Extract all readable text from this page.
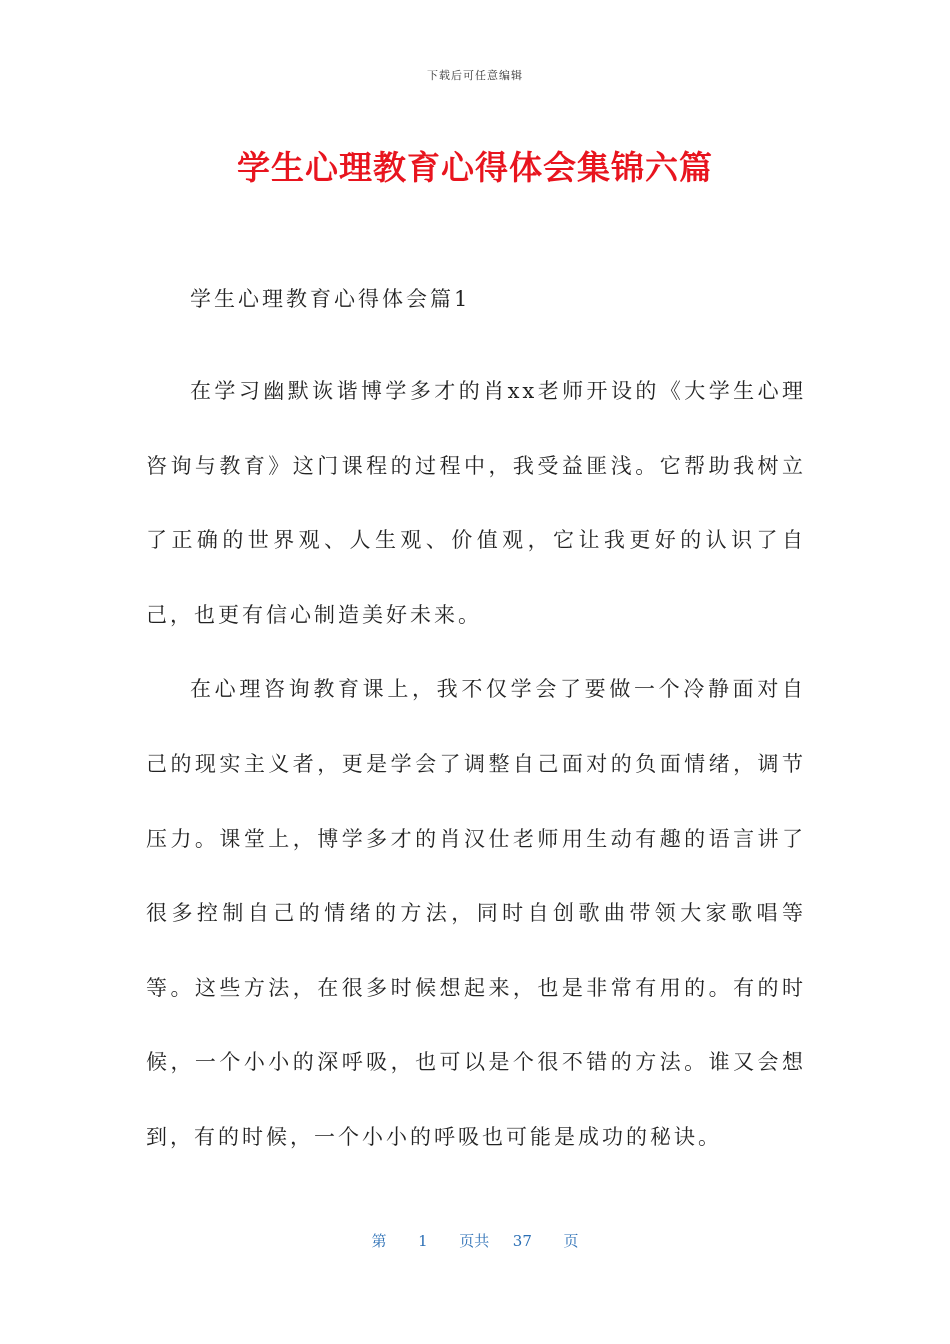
下载后可任意编辑
学生心理教育心得体会集锦六篇

学生心理教育心得体会篇1

在学习幽默诙谐博学多才的肖xx老师开设的《大学生心理咨询与教育》这门课程的过程中，我受益匪浅。它帮助我树立了正确的世界观、人生观、价值观，它让我更好的认识了自己，也更有信心制造美好未来。

在心理咨询教育课上，我不仅学会了要做一个冷静面对自己的现实主义者，更是学会了调整自己面对的负面情绪，调节压力。课堂上，博学多才的肖汉仕老师用生动有趣的语言讲了很多控制自己的情绪的方法，同时自创歌曲带领大家歌唱等等。这些方法，在很多时候想起来，也是非常有用的。有的时候，一个小小的深呼吸，也可以是个很不错的方法。谁又会想到，有的时候，一个小小的呼吸也可能是成功的秘诀。

第 1 页共 37 页
